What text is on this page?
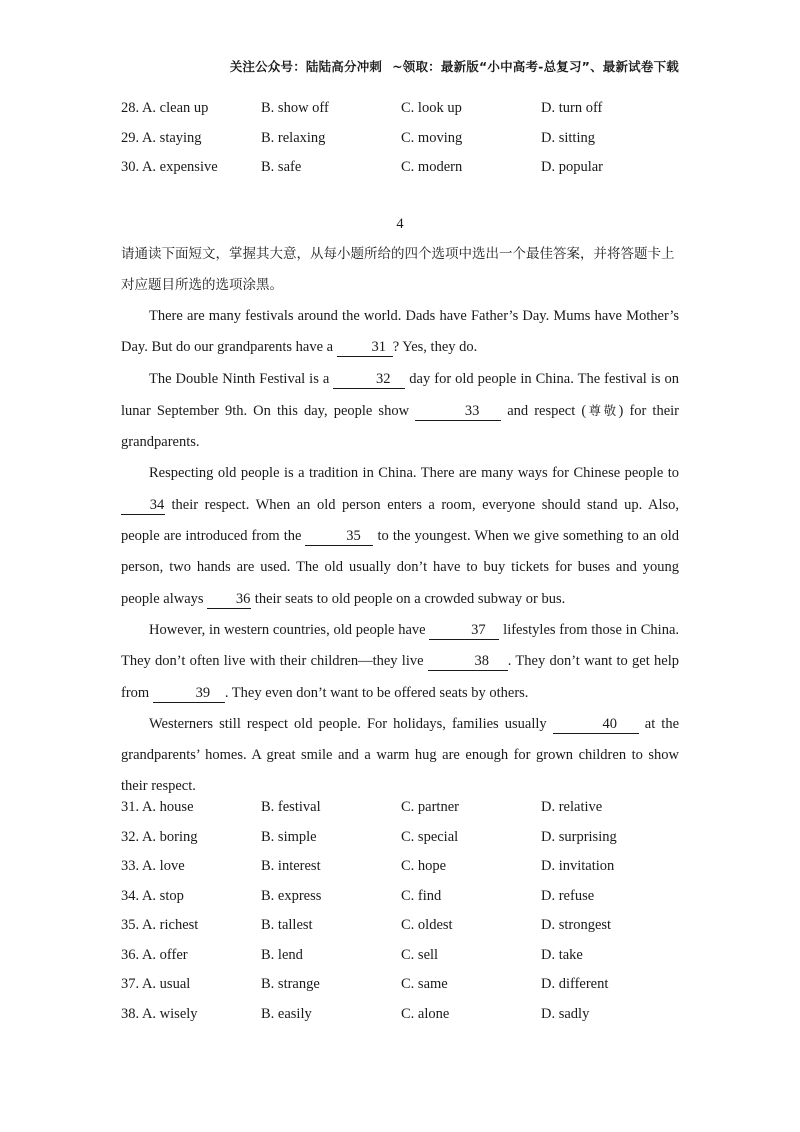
关注公众号：陆陆高分冲刺 ~领取：最新版“小中高考-总复习”、最新试卷下载
28. A. clean up	B. show off	C. look up	D. turn off
29. A. staying	B. relaxing	C. moving	D. sitting
30. A. expensive	B. safe	C. modern	D. popular
4
请通读下面短文，掌握其大意，从每小题所给的四个选项中选出一个最佳答案，并将答题卡上对应题目所选的选项涂黑。

There are many festivals around the world. Dads have Father’s Day. Mums have Mother’s Day. But do our grandparents have a 31 ? Yes, they do.

The Double Ninth Festival is a	32 day for old people in China. The festival is on lunar September 9th. On this day, people show	33 and respect (尊敬) for their grandparents.

Respecting old people is a tradition in China. There are many ways for Chinese people to 34 their respect. When an old person enters a room, everyone should stand up. Also, people are introduced from the	35 to the youngest. When we give something to an old person, two hands are used. The old usually don’t have to buy tickets for buses and young people always 36 their seats to old people on a crowded subway or bus.

However, in western countries, old people have	37 lifestyles from those in China. They don’t often live with their children—they live	38 . They don’t want to get help from	39 . They even don’t want to be offered seats by others.

Westerners still respect old people. For holidays, families usually	40 at the grandparents’ homes. A great smile and a warm hug are enough for grown children to show their respect.

31. A. house	B. festival	C. partner	D. relative
32. A. boring	B. simple	C. special	D. surprising
33. A. love	B. interest	C. hope	D. invitation
34. A. stop	B. express	C. find	D. refuse
35. A. richest	B. tallest	C. oldest	D. strongest
36. A. offer	B. lend	C. sell	D. take
37. A. usual	B. strange	C. same	D. different
38. A. wisely	B. easily	C. alone	D. sadly
